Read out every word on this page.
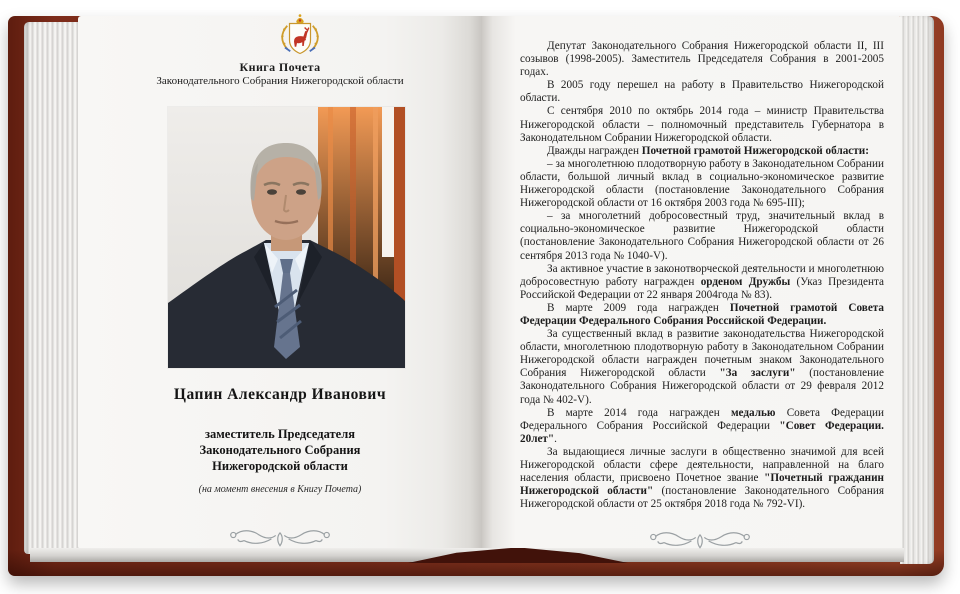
Книга Почета
Законодательного Собрания Нижегородской области
Цапин Александр Иванович
заместитель Председателя
Законодательного Собрания
Нижегородской области
(на момент внесения в Книгу Почета)

Депутат Законодательного Собрания Нижегородской области II, III созывов (1998-2005). Заместитель Председателя Собрания в 2001-2005 годах.

В 2005 году перешел на работу в Правительство Нижегородской области.

С сентября 2010 по октябрь 2014 года – министр Правительства Нижегородской области – полномочный представитель Губернатора в Законодательном Собрании Нижегородской области.

Дважды награжден Почетной грамотой Нижегородской области:

– за многолетнюю плодотворную работу в Законодательном Собрании области, большой личный вклад в социально-экономическое развитие Нижегородской области (постановление Законодательного Собрания Нижегородской области от 16 октября 2003 года № 695-III);

– за многолетний добросовестный труд, значительный вклад в социально-экономическое развитие Нижегородской области (постановление Законодательного Собрания Нижегородской области от 26 сентября 2013 года № 1040-V).

За активное участие в законотворческой деятельности и многолетнюю добросовестную работу награжден орденом Дружбы (Указ Президента Российской Федерации от 22 января 2004года № 83).

В марте 2009 года награжден Почетной грамотой Совета Федерации Федерального Собрания Российской Федерации.

За существенный вклад в развитие законодательства Нижегородской области, многолетнюю плодотворную работу в Законодательном Собрании Нижегородской области награжден почетным знаком Законодательного Собрания Нижегородской области "За заслуги" (постановление Законодательного Собрания Нижегородской области от 29 февраля 2012 года № 402-V).

В марте 2014 года награжден медалью Совета Федерации Федерального Собрания Российской Федерации "Совет Федерации. 20лет".

За выдающиеся личные заслуги в общественно значимой для всей Нижегородской области сфере деятельности, направленной на благо населения области, присвоено Почетное звание "Почетный гражданин Нижегородской области" (постановление Законодательного Собрания Нижегородской области от 25 октября 2018 года № 792-VI).
